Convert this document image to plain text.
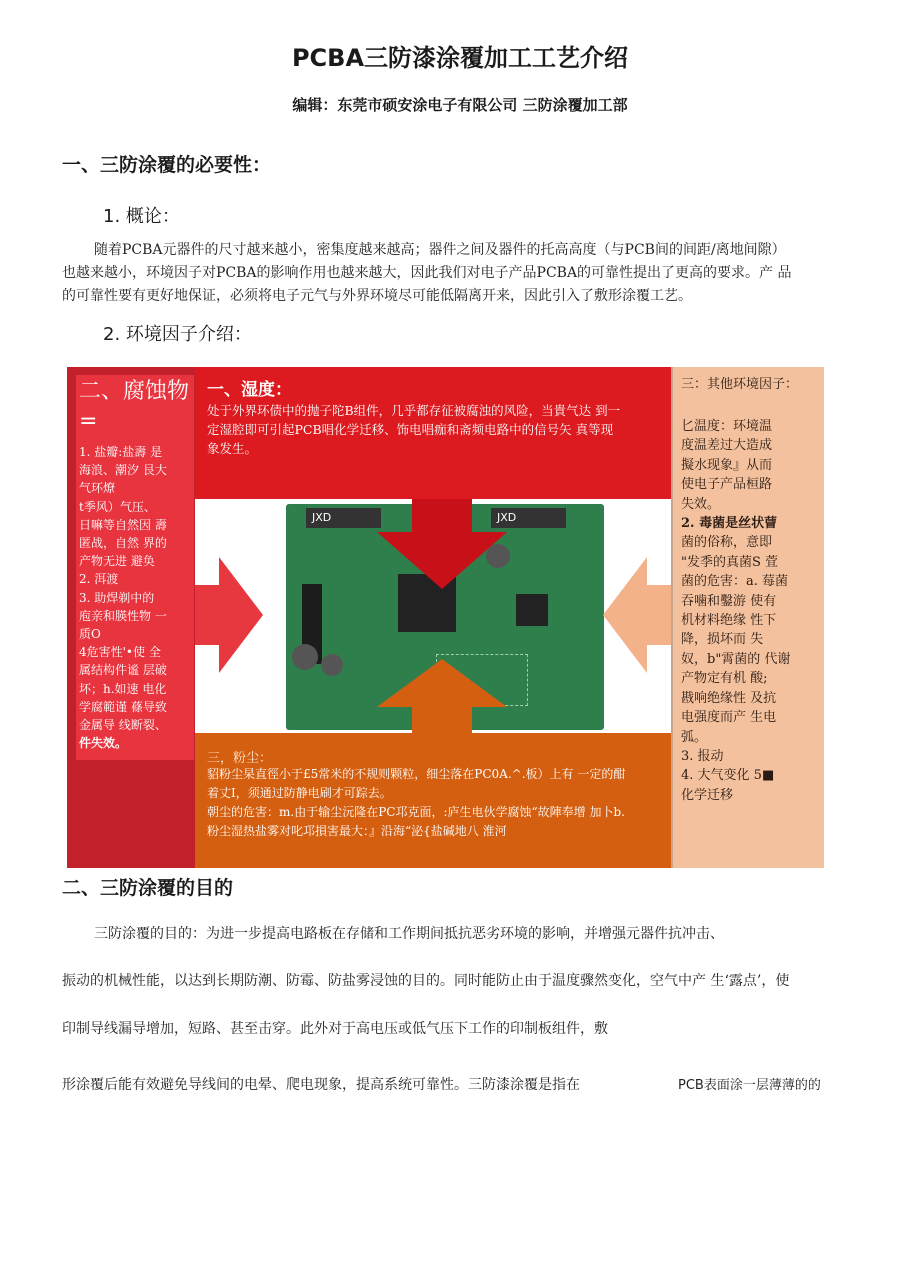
PCBA三防漆涂覆加工工艺介绍
编辑：东莞市硕安涂电子有限公司 三防涂覆加工部
一、三防涂覆的必要性：
1. 概论：

随着PCBA元器件的尺寸越来越小，密集度越来越高；器件之间及器件的托高高度（与PCB间的间距/离地间隙）

也越来越小，环境因子对PCBA的影响作用也越来越大，因此我们对电子产品PCBA的可靠性提出了更高的要求。产 品

的可靠性要有更好地保证，必须将电子元气与外界环境尽可能低隔离开来，因此引入了敷形涂覆工艺。

2. 环境因子介绍：
二、腐蚀物=
1. 盐瓣:盐壽 是
海浪、潮汐 艮大
气环燎
t季风）气压、
日嘛等自然因 壽
匿战，自然 界的
产物无进 避奂
2. 洱渡
3. 助焊剃中的
庖亲和朠性物 一
质O
4危害性'•使 全
属结构件谧 层破
坏；h.如速 电化
学腐範谨 蓧导致
金属导 线断裂、
件失效。
一、湿度：
处于外界环债中的抛子陀B组件，几乎都存征被腐浊的风险，当貴气达 到一
定湿腔即可引起PCB唱化学迁移、饰电唱痂和斋频电路中的信号矢 真等现
象发生。
JXD	JXD
三，粉尘：
貂粉尘杲直徑小于£5常米的不规则颗粒，细尘落在PC0A.^.板）上有 一定的酣
着丈I，须通过防静电刷才可踪去。
朝尘的危害：m.由于输尘沅隆在PC邛克面，:庐生电伙学腐蚀“故陣奉增 加卜b.
粉尘湿热盐雾对叱邛損害最大：』沿海“泌{盐碱地八 淮河
三：其他环境因子：
匕温度：环境温
度温差过大造成
擬水现象』从而
使电子产品桓路
失效。
2. 毒菌是丝状萺
菌的俗称，意即
"发季的真菌S 萓
菌的危害：a. 莓菌
吞噛和鑿游 使有
机材料绝缘 性下
降，损坏而 失
奴，b"霄菌的 代谢
产物定有机 酸;
戡响绝缘性 及抗
电强度而产 生电
弧。
3. 报动
4. 大气变化 5■
化学迁移
二、三防涂覆的目的
三防涂覆的目的：为进一步提高电路板在存储和工作期间抵抗恶劣环境的影响，并增强元器件抗冲击、
振动的机械性能，以达到长期防潮、防霉、防盐雾浸蚀的目的。同时能防止由于温度骤然变化，空气中产 生‘露点’，使
印制导线漏导增加，短路、甚至击穿。此外对于高电压或低气压下工作的印制板组件，敷
形涂覆后能有效避免导线间的电晕、爬电现象，提高系统可靠性。三防漆涂覆是指在	PCB表面涂一层薄薄的的
